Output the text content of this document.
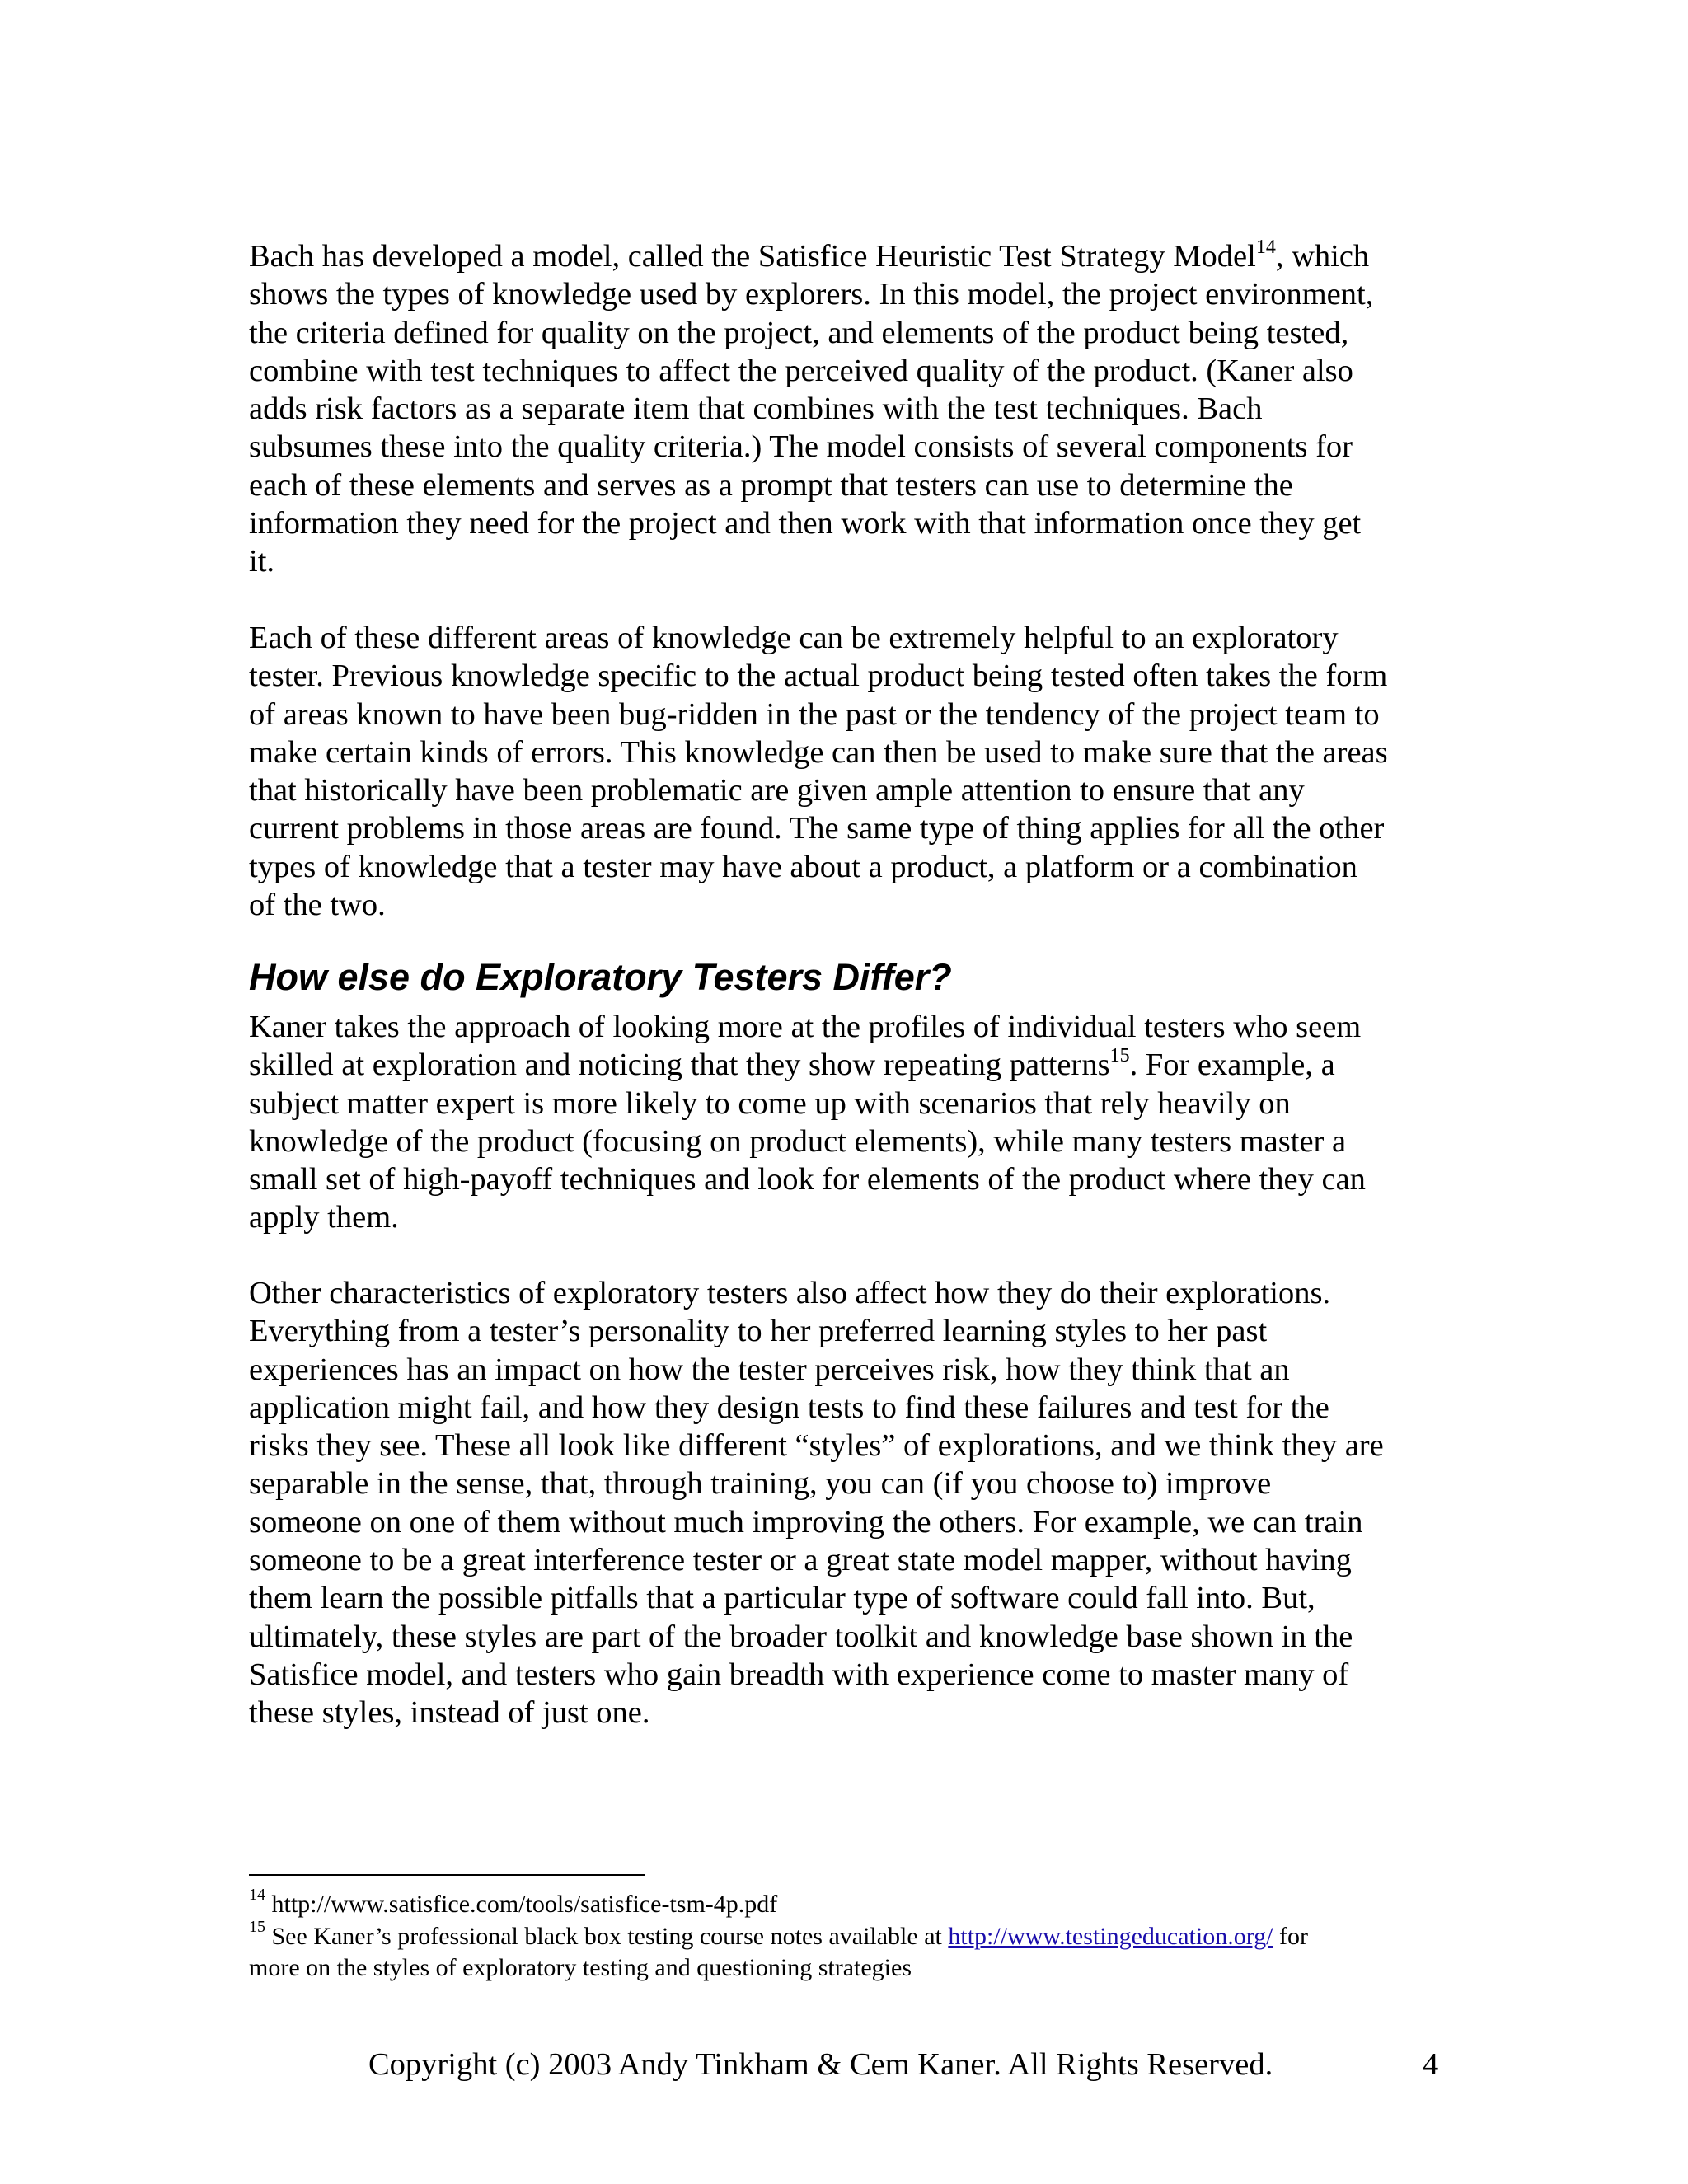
Bach has developed a model, called the Satisfice Heuristic Test Strategy Model$^{14}$, which
shows the types of knowledge used by explorers. In this model, the project environment,
the criteria defined for quality on the project, and elements of the product being tested,
combine with test techniques to affect the perceived quality of the product. (Kaner also
adds risk factors as a separate item that combines with the test techniques. Bach
subsumes these into the quality criteria.) The model consists of several components for
each of these elements and serves as a prompt that testers can use to determine the
information they need for the project and then work with that information once they get
it.

Each of these different areas of knowledge can be extremely helpful to an exploratory
tester. Previous knowledge specific to the actual product being tested often takes the form
of areas known to have been bug-ridden in the past or the tendency of the project team to
make certain kinds of errors. This knowledge can then be used to make sure that the areas
that historically have been problematic are given ample attention to ensure that any
current problems in those areas are found. The same type of thing applies for all the other
types of knowledge that a tester may have about a product, a platform or a combination
of the two.

How else do Exploratory Testers Differ?

Kaner takes the approach of looking more at the profiles of individual testers who seem
skilled at exploration and noticing that they show repeating patterns$^{15}$. For example, a
subject matter expert is more likely to come up with scenarios that rely heavily on
knowledge of the product (focusing on product elements), while many testers master a
small set of high-payoff techniques and look for elements of the product where they can
apply them.

Other characteristics of exploratory testers also affect how they do their explorations.
Everything from a tester’s personality to her preferred learning styles to her past
experiences has an impact on how the tester perceives risk, how they think that an
application might fail, and how they design tests to find these failures and test for the
risks they see. These all look like different “styles” of explorations, and we think they are
separable in the sense, that, through training, you can (if you choose to) improve
someone on one of them without much improving the others. For example, we can train
someone to be a great interference tester or a great state model mapper, without having
them learn the possible pitfalls that a particular type of software could fall into. But,
ultimately, these styles are part of the broader toolkit and knowledge base shown in the
Satisfice model, and testers who gain breadth with experience come to master many of
these styles, instead of just one.

$^{14}$ http://www.satisfice.com/tools/satisfice-tsm-4p.pdf
$^{15}$ See Kaner’s professional black box testing course notes available at http://www.testingeducation.org/ for
more on the styles of exploratory testing and questioning strategies
Copyright (c) 2003 Andy Tinkham & Cem Kaner. All Rights Reserved.	4
